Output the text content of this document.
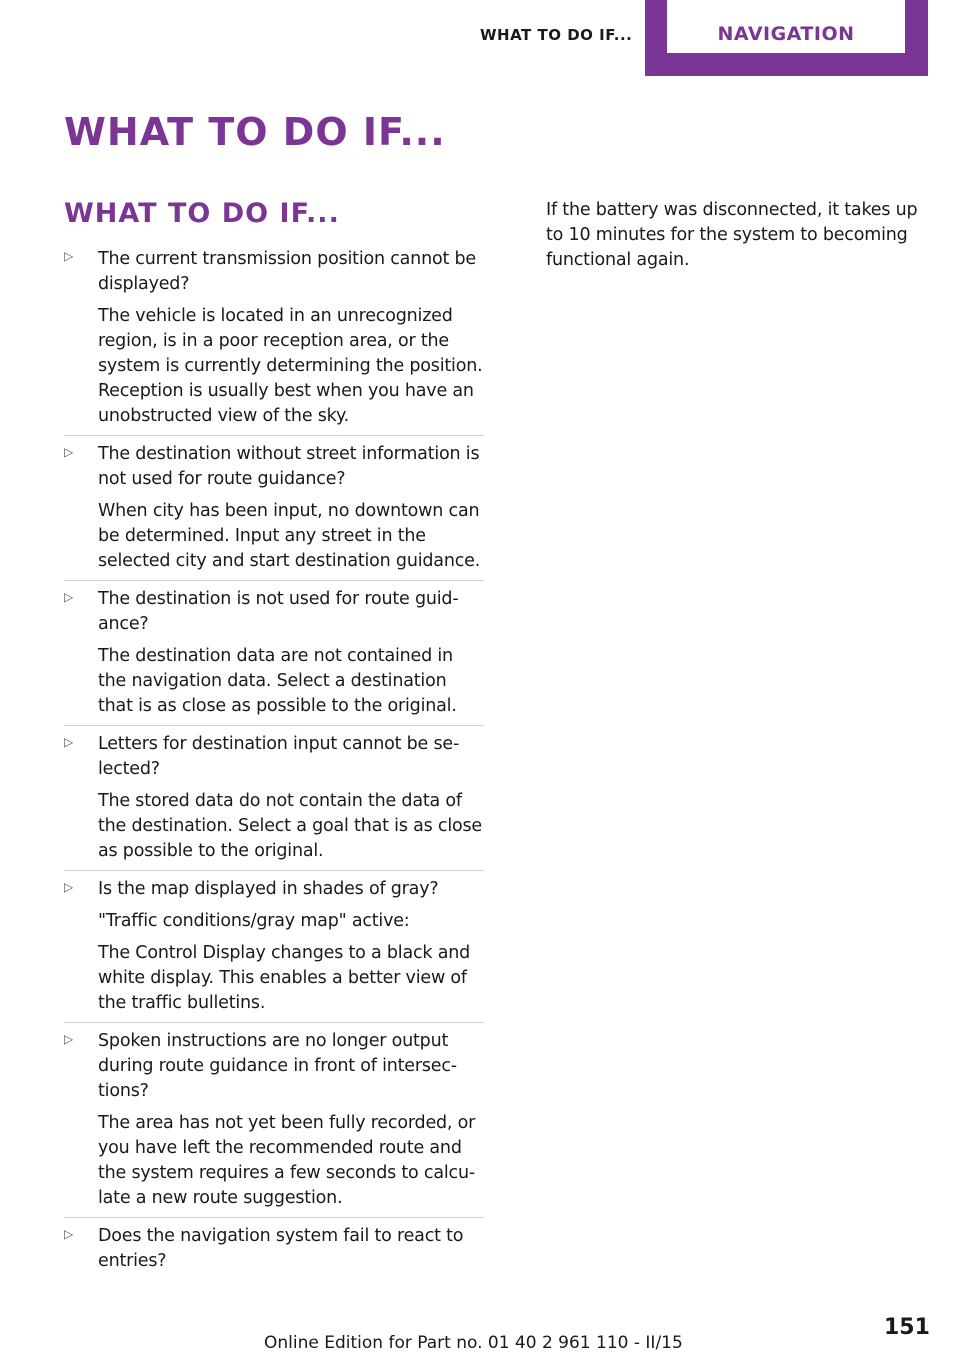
WHAT TO DO IF...	NAVIGATION
WHAT TO DO IF...
WHAT TO DO IF...
▷ The current transmission position cannot be displayed?

The vehicle is located in an unrecognized region, is in a poor reception area, or the system is currently determining the position. Reception is usually best when you have an unobstructed view of the sky.

▷ The destination without street information is not used for route guidance?

When city has been input, no downtown can be determined. Input any street in the selected city and start destination guidance.

▷ The destination is not used for route guidance?

The destination data are not contained in the navigation data. Select a destination that is as close as possible to the original.

▷ Letters for destination input cannot be selected?

The stored data do not contain the data of the destination. Select a goal that is as close as possible to the original.

▷ Is the map displayed in shades of gray?

"Traffic conditions/gray map" active:

The Control Display changes to a black and white display. This enables a better view of the traffic bulletins.

▷ Spoken instructions are no longer output during route guidance in front of intersections?

The area has not yet been fully recorded, or you have left the recommended route and the system requires a few seconds to calculate a new route suggestion.

▷ Does the navigation system fail to react to entries?

If the battery was disconnected, it takes up to 10 minutes for the system to becoming functional again.

Online Edition for Part no. 01 40 2 961 110 - II/15
151
